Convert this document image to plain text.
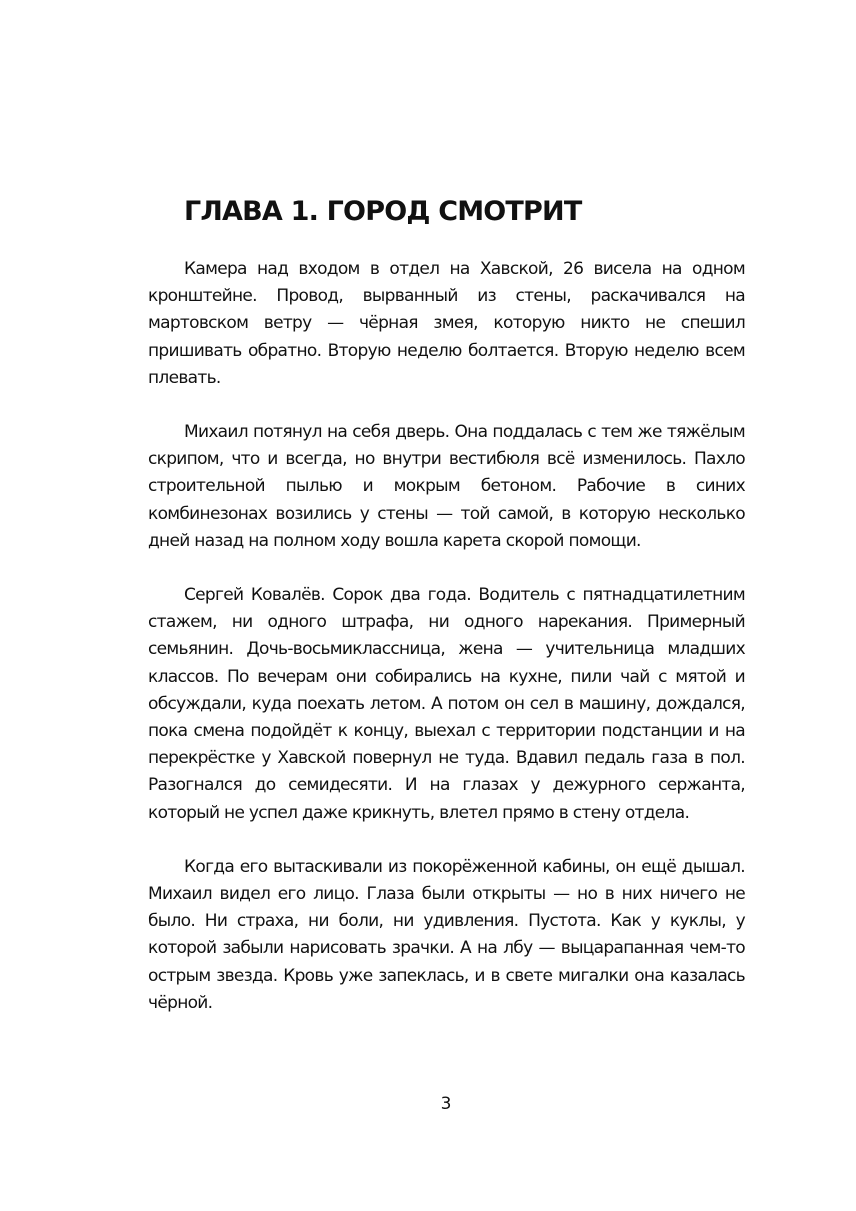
ГЛАВА 1. ГОРОД СМОТРИТ

Камера над входом в отдел на Хавской, 26 висела на одном кронштейне. Провод, вырванный из стены, раскачивался на мартовском ветру — чёрная змея, которую никто не спешил пришивать обратно. Вторую неделю болтается. Вторую неделю всем плевать.

Михаил потянул на себя дверь. Она поддалась с тем же тяжёлым скрипом, что и всегда, но внутри вестибюля всё изменилось. Пахло строительной пылью и мокрым бетоном. Рабочие в синих комбинезонах возились у стены — той самой, в которую несколько дней назад на полном ходу вошла карета скорой помощи.

Сергей Ковалёв. Сорок два года. Водитель с пятнадцатилетним стажем, ни одного штрафа, ни одного нарекания. Примерный семьянин. Дочь-восьмиклассница, жена — учительница младших классов. По вечерам они собирались на кухне, пили чай с мятой и обсуждали, куда поехать летом. А потом он сел в машину, дождался, пока смена подойдёт к концу, выехал с территории подстанции и на перекрёстке у Хавской повернул не туда. Вдавил педаль газа в пол. Разогнался до семидесяти. И на глазах у дежурного сержанта, который не успел даже крикнуть, влетел прямо в стену отдела.

Когда его вытаскивали из покорёженной кабины, он ещё дышал. Михаил видел его лицо. Глаза были открыты — но в них ничего не было. Ни страха, ни боли, ни удивления. Пустота. Как у куклы, у которой забыли нарисовать зрачки. А на лбу — выцарапанная чем-то острым звезда. Кровь уже запеклась, и в свете мигалки она казалась чёрной.

3
